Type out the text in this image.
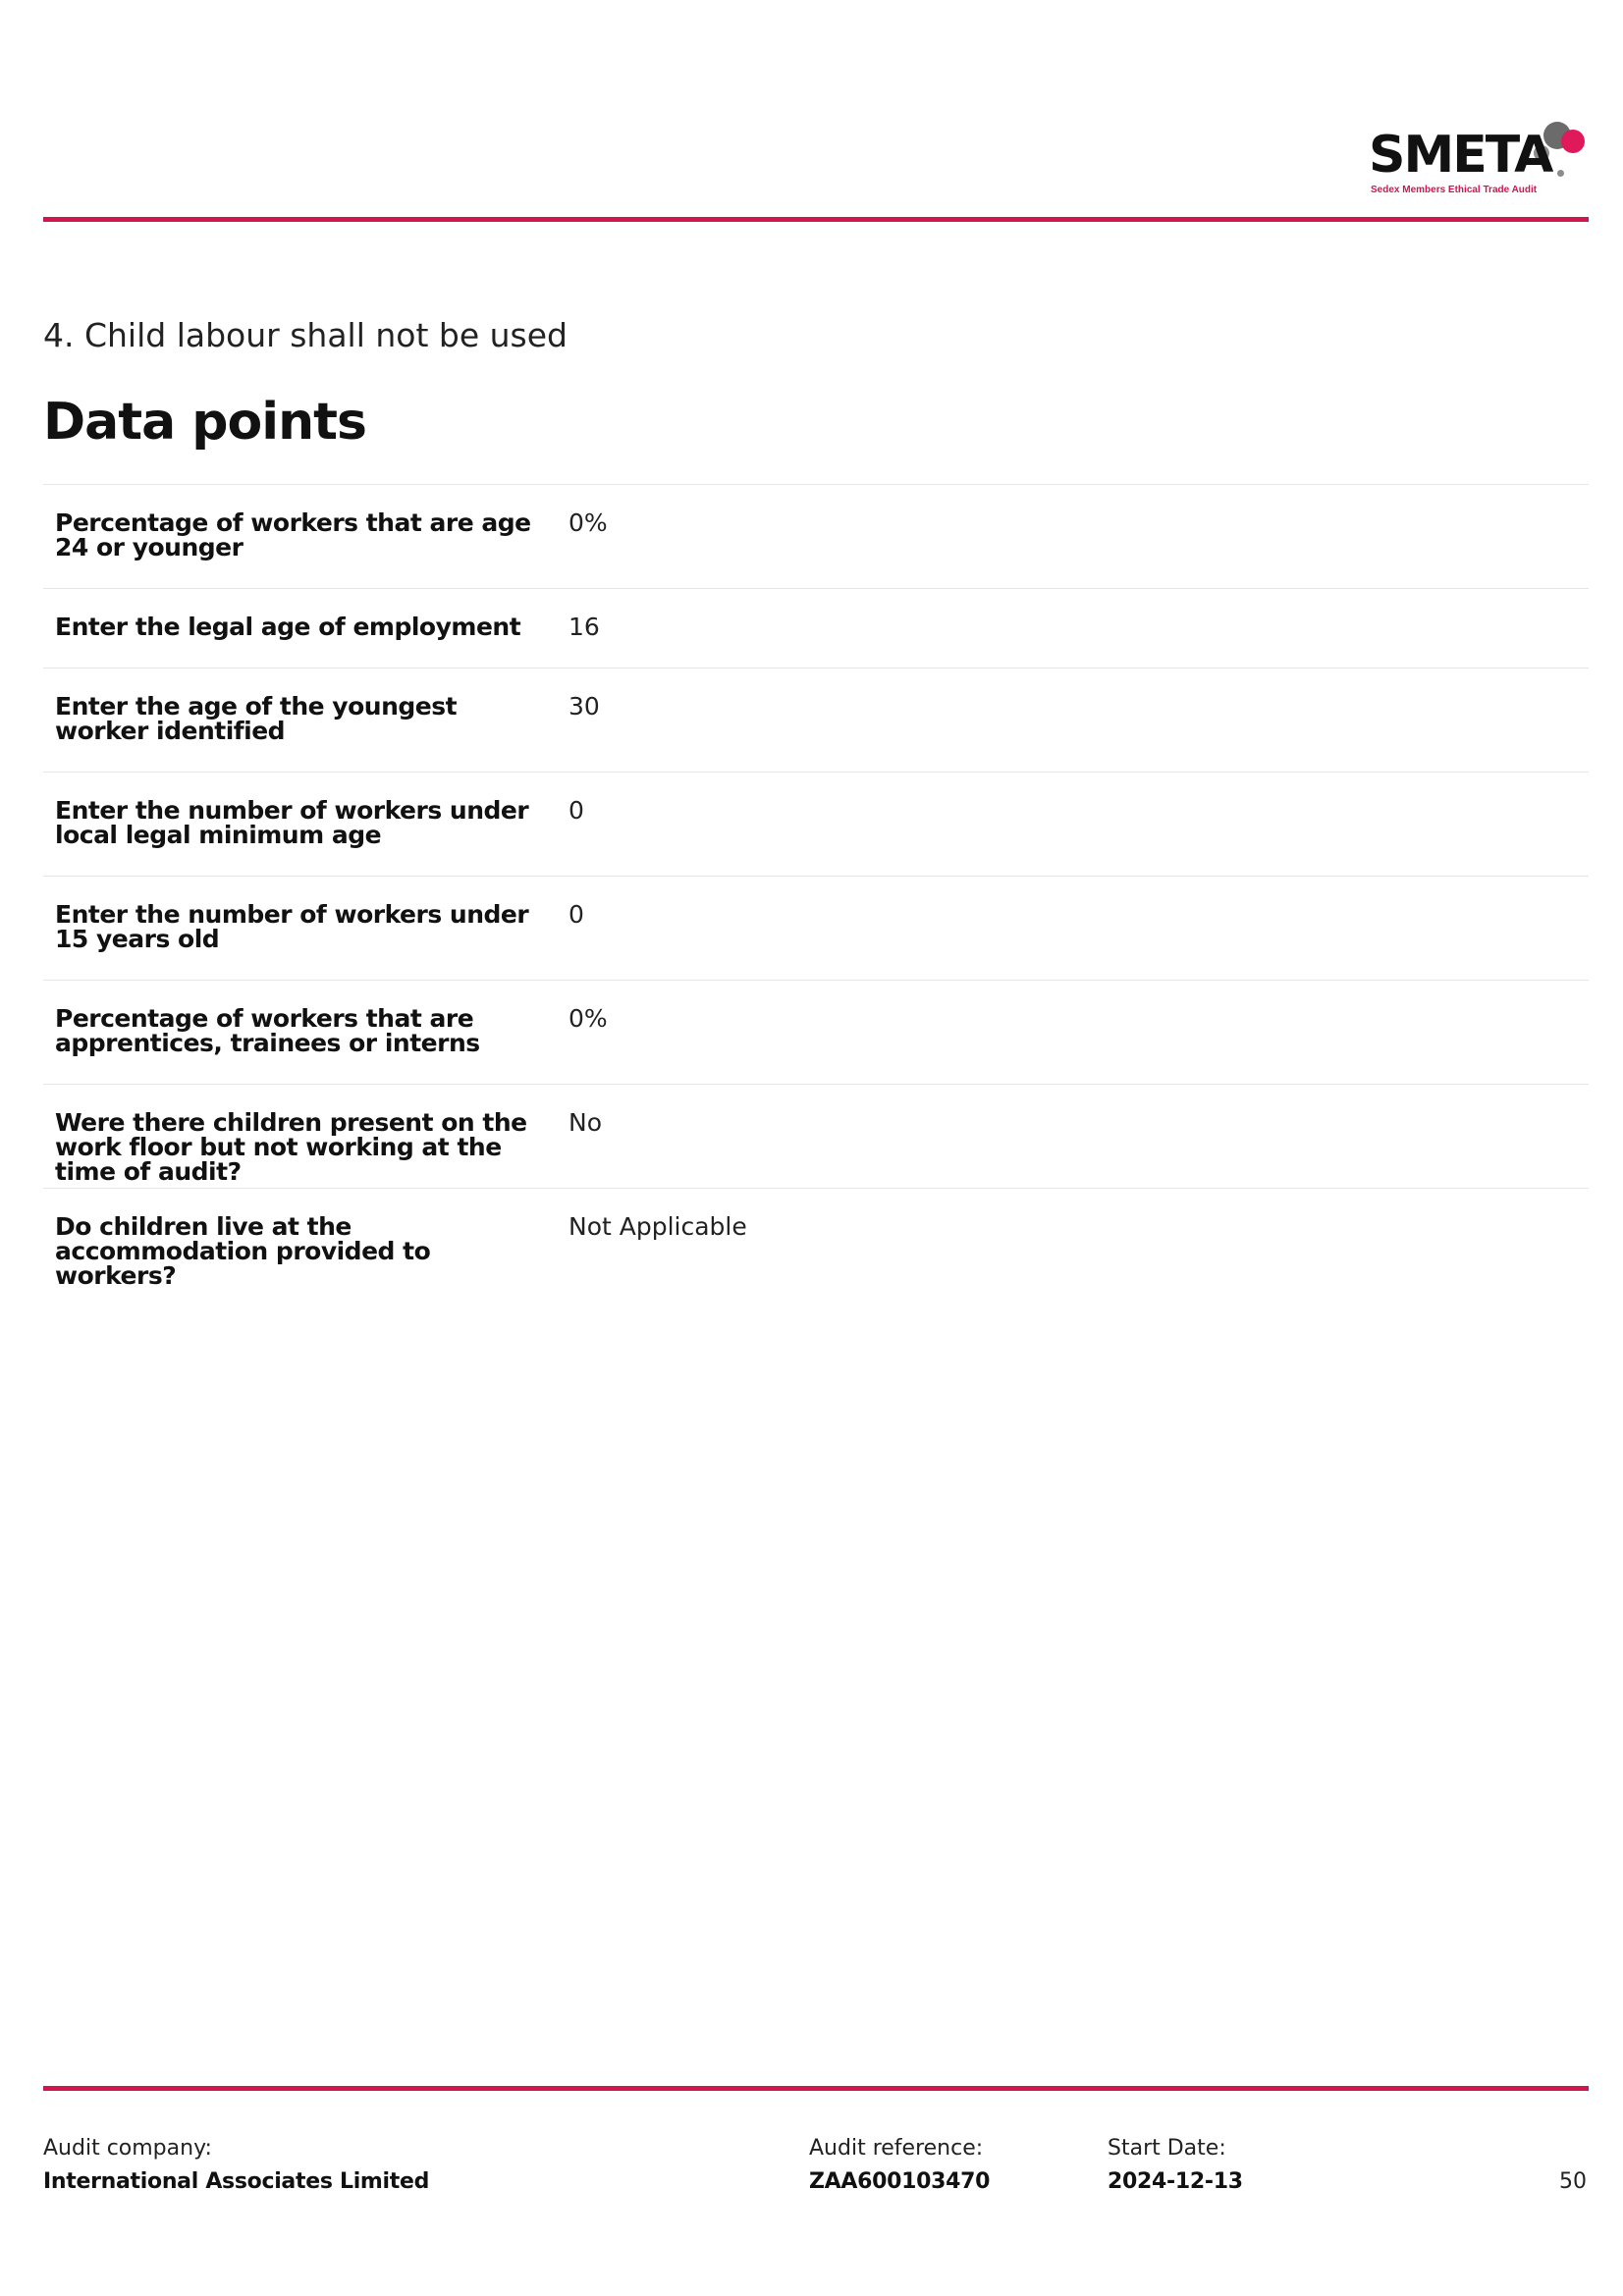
SMETA
Sedex Members Ethical Trade Audit
4. Child labour shall not be used
Data points
Percentage of workers that are age 24 or younger
0%
Enter the legal age of employment	16
Enter the age of the youngest worker identified
30
Enter the number of workers under local legal minimum age
0
Enter the number of workers under 15 years old
0
Percentage of workers that are apprentices, trainees or interns
0%
Were there children present on the work floor but not working at the time of audit?
No
Do children live at the accommodation provided to workers?
Not Applicable
Audit company:
International Associates Limited
Audit reference:
ZAA600103470
Start Date:
2024-12-13	50
